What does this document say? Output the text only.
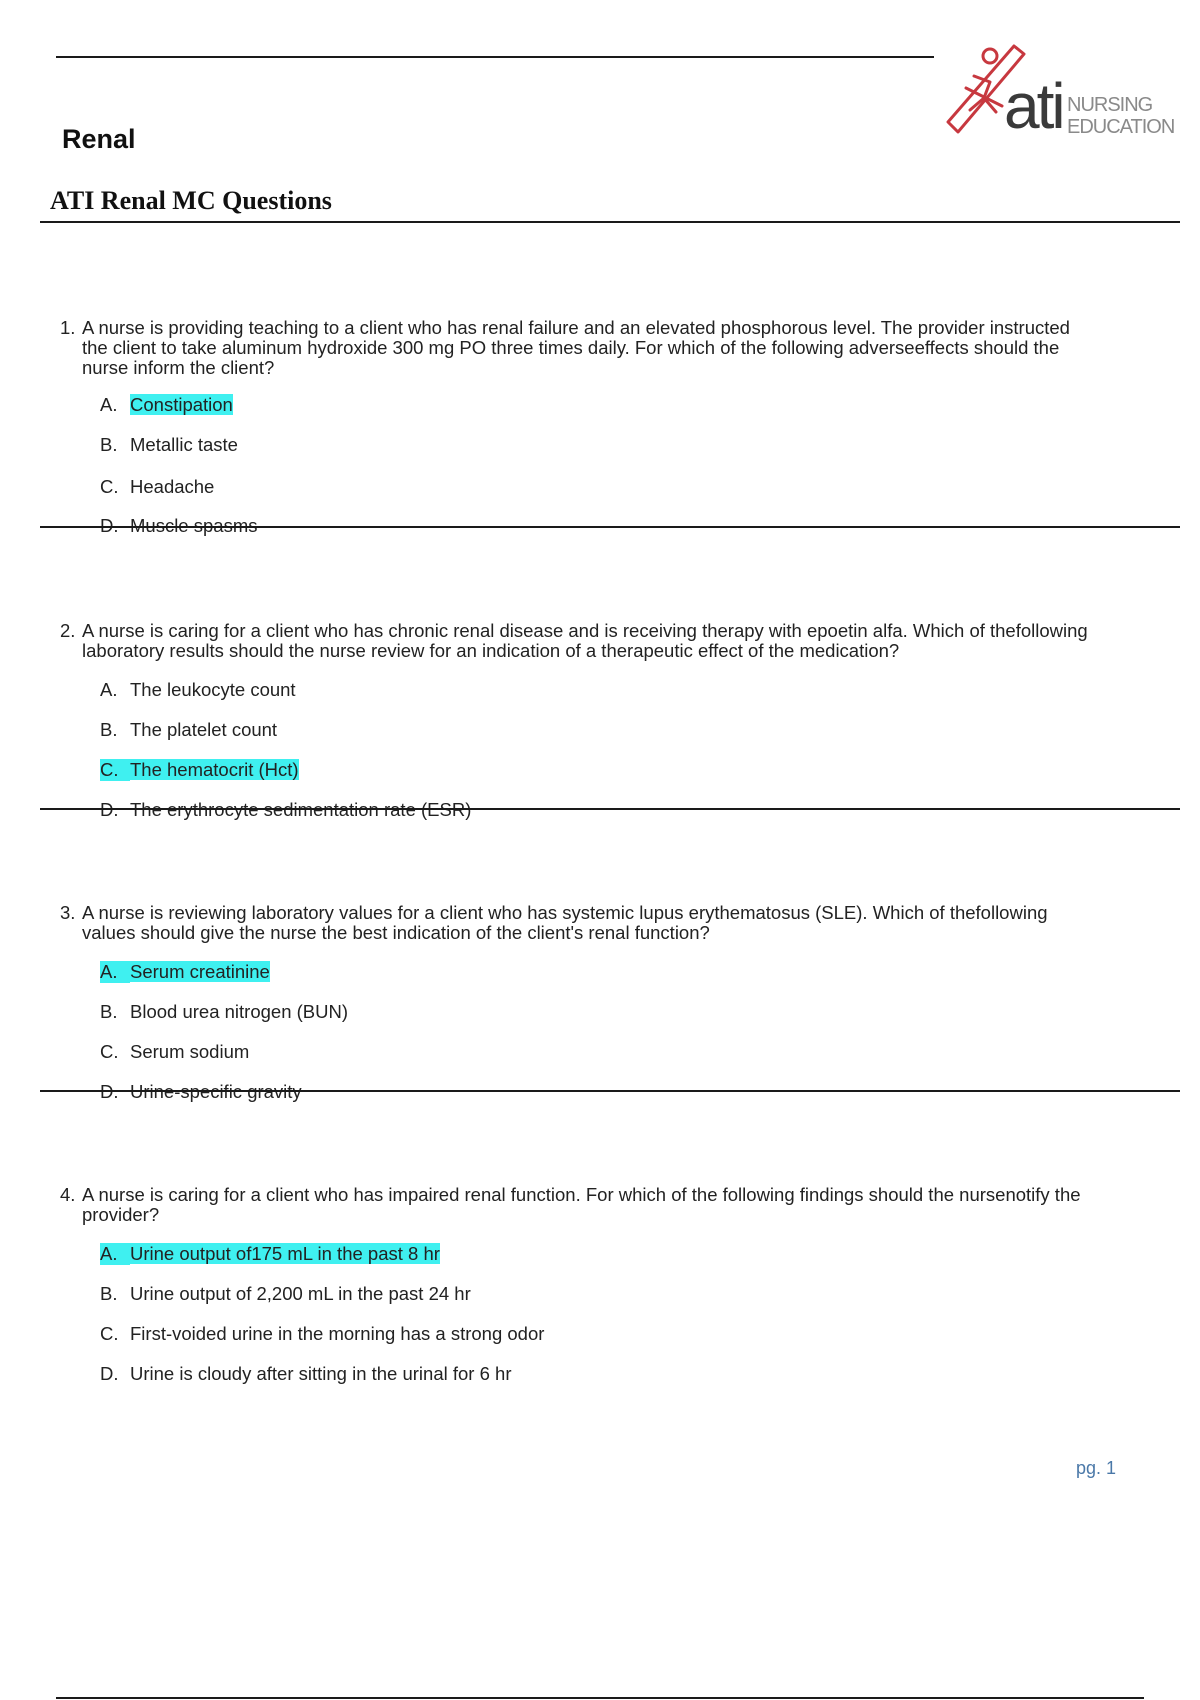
ati NURSING
EDUCATION
Renal
ATI Renal MC Questions
1. A nurse is providing teaching to a client who has renal failure and an elevated phosphorous level. The provider instructed the client to take aluminum hydroxide 300 mg PO three times daily. For which of the following adverseeffects should the nurse inform the client?
A. Constipation
B. Metallic taste
C. Headache
D. Muscle spasms
2. A nurse is caring for a client who has chronic renal disease and is receiving therapy with epoetin alfa. Which of thefollowing laboratory results should the nurse review for an indication of a therapeutic effect of the medication?
A. The leukocyte count
B. The platelet count
C. The hematocrit (Hct)
D. The erythrocyte sedimentation rate (ESR)
3. A nurse is reviewing laboratory values for a client who has systemic lupus erythematosus (SLE). Which of thefollowing values should give the nurse the best indication of the client's renal function?
A. Serum creatinine
B. Blood urea nitrogen (BUN)
C. Serum sodium
D. Urine-specific gravity
4. A nurse is caring for a client who has impaired renal function. For which of the following findings should the nursenotify the provider?
A. Urine output of175 mL in the past 8 hr
B. Urine output of 2,200 mL in the past 24 hr
C. First-voided urine in the morning has a strong odor
D. Urine is cloudy after sitting in the urinal for 6 hr
pg. 1
